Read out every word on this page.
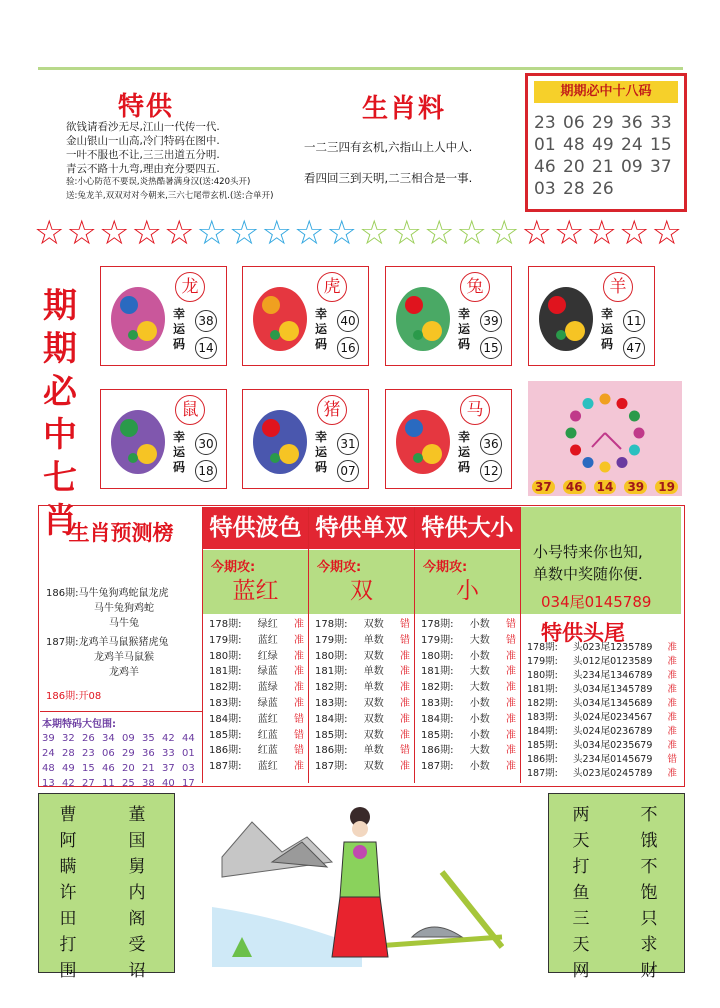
特供
欲钱请看沙无尽,江山一代传一代.
金山银山一山高,冷门特码在图中.
一叶不服也不让,三三出道五分明.
青云不路十九弯,理由充分要四五.
验:小心防范不要误,炎热酷暑满身汉(送:420头开)
送:兔龙羊,双双对对今朝来,三六七尾带玄机.(送:合单开)
生肖料
一二三四有玄机,六指山上人中人.
看四回三到天明,二三相合是一事.
期期必中十八码
23 06 29 36 33
01 48 49 24 15
46 20 21 09 37
03 28 26
☆ ☆ ☆ ☆ ☆ ☆ ☆ ☆ ☆ ☆ ☆ ☆ ☆ ☆ ☆ ☆ ☆ ☆ ☆ ☆
期期必中七肖
龙
幸运码
38
14
虎
幸运码
40
16
兔
幸运码
39
15
羊
幸运码
11
47
鼠
幸运码
30
18
猪
幸运码
31
07
马
幸运码
36
12
37 46 14 39 19
生肖预测榜
186期:马牛兔狗鸡蛇鼠龙虎
马牛兔狗鸡蛇
马牛兔
187期:龙鸡羊马鼠猴猪虎兔
龙鸡羊马鼠猴
龙鸡羊
186期:开08
本期特码大包围:
39 32 26 34 09 35 42 44
24 28 23 06 29 36 33 01
48 49 15 46 20 21 37 03
13 42 27 11 25 38 40 17
特供波色
今期攻:
蓝红
178期: 绿红 准
179期: 蓝红 准
180期: 红绿 准
181期: 绿蓝 准
182期: 蓝绿 准
183期: 绿蓝 准
184期: 蓝红 错
185期: 红蓝 错
186期: 红蓝 错
187期: 蓝红 准
特供单双
今期攻:
双
178期: 双数 错
179期: 单数 错
180期: 双数 准
181期: 单数 准
182期: 单数 准
183期: 双数 准
184期: 双数 准
185期: 双数 准
186期: 单数 错
187期: 双数 准
特供大小
今期攻:
小
178期: 小数 错
179期: 大数 错
180期: 小数 准
181期: 大数 准
182期: 大数 准
183期: 小数 准
184期: 小数 准
185期: 小数 准
186期: 大数 准
187期: 小数 准
小号特来你也知,
单数中奖随你便.
034尾0145789
特供头尾
178期: 头023尾1235789 准
179期: 头012尾0123589 准
180期: 头234尾1346789 准
181期: 头034尾1345789 准
182期: 头034尾1345689 准
183期: 头024尾0234567 准
184期: 头024尾0236789 准
185期: 头034尾0235679 准
186期: 头234尾0145679 错
187期: 头023尾0245789 准
曹
阿
瞒
许
田
打
围
董
国
舅
内
阁
受
诏
两
天
打
鱼
三
天
网
不
饿
不
饱
只
求
财
